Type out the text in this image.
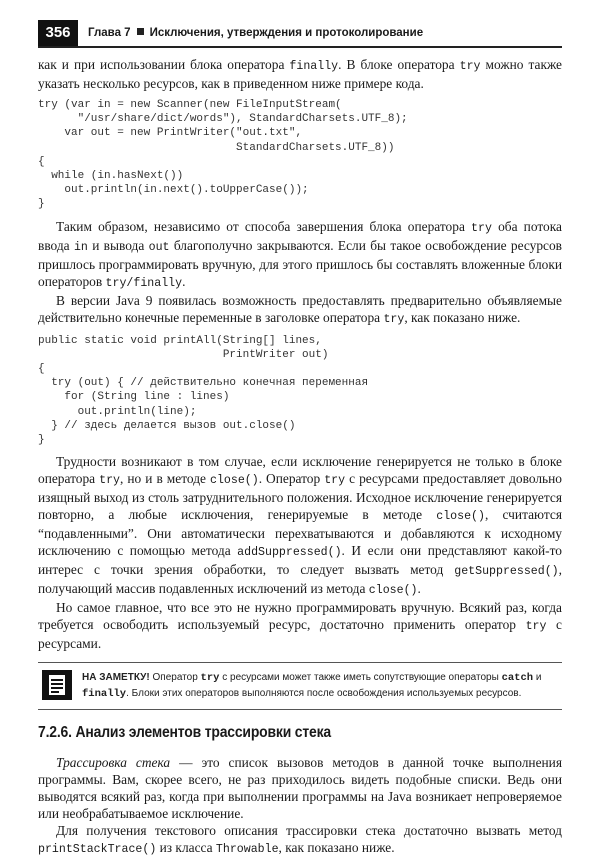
356	Глава 7 Исключения, утверждения и протоколирование

как и при использовании блока оператора finally. В блоке оператора try можно также указать несколько ресурсов, как в приведенном ниже примере кода.

try (var in = new Scanner(new FileInputStream(
"/usr/share/dict/words"), StandardCharsets.UTF_8);
var out = new PrintWriter("out.txt",
StandardCharsets.UTF_8))
{
while (in.hasNext())
out.println(in.next().toUpperCase());
}

Таким образом, независимо от способа завершения блока оператора try оба потока ввода in и вывода out благополучно закрываются. Если бы такое освобождение ресурсов пришлось программировать вручную, для этого пришлось бы составлять вложенные блоки операторов try/finally.

В версии Java 9 появилась возможность предоставлять предварительно объявляемые действительно конечные переменные в заголовке оператора try, как показано ниже.

public static void printAll(String[] lines,
PrintWriter out)
{
try (out) { // действительно конечная переменная
for (String line : lines)
out.println(line);
} // здесь делается вызов out.close()
}

Трудности возникают в том случае, если исключение генерируется не только в блоке оператора try, но и в методе close(). Оператор try с ресурсами предоставляет довольно изящный выход из столь затруднительного положения. Исходное исключение генерируется повторно, а любые исключения, генерируемые в методе close(), считаются “подавленными”. Они автоматически перехватываются и добавляются к исходному исключению с помощью метода addSuppressed(). И если они представляют какой-то интерес с точки зрения обработки, то следует вызвать метод getSuppressed(), получающий массив подавленных исключений из метода close().

Но самое главное, что все это не нужно программировать вручную. Всякий раз, когда требуется освободить используемый ресурс, достаточно применить оператор try с ресурсами.

НА ЗАМЕТКУ! Оператор try с ресурсами может также иметь сопутствующие операторы catch и finally. Блоки этих операторов выполняются после освобождения используемых ресурсов.
7.2.6. Анализ элементов трассировки стека

Трассировка стека — это список вызовов методов в данной точке выполнения программы. Вам, скорее всего, не раз приходилось видеть подобные списки. Ведь они выводятся всякий раз, когда при выполнении программы на Java возникает непроверяемое или необрабатываемое исключение.

Для получения текстового описания трассировки стека достаточно вызвать метод printStackTrace() из класса Throwable, как показано ниже.
